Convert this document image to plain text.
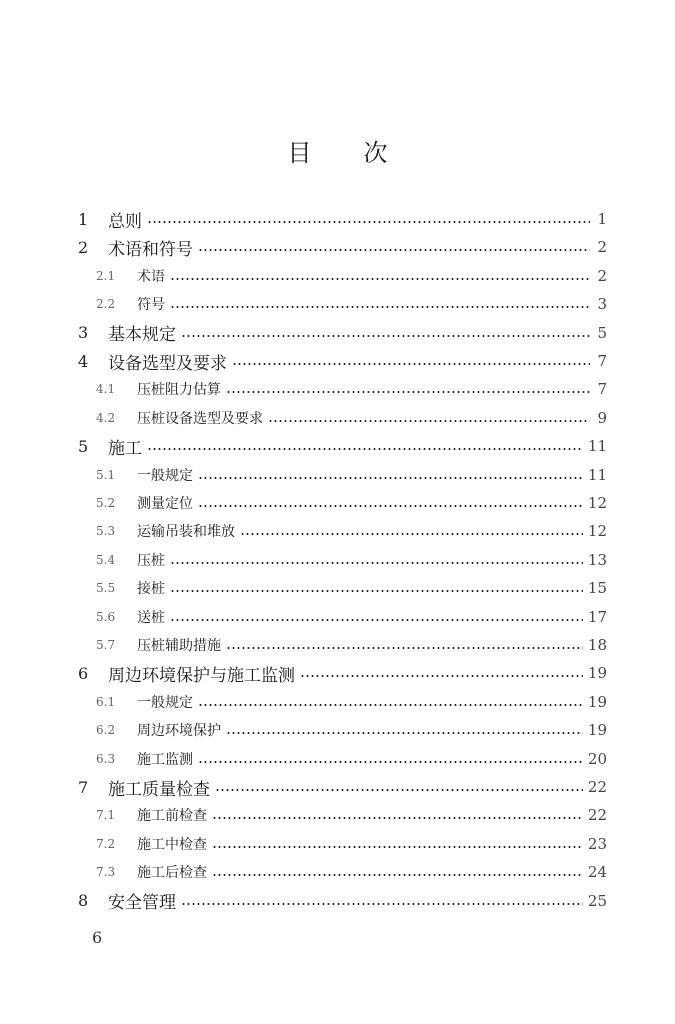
目次
1 总则	1
2 术语和符号	2
2.1 术语	2
2.2 符号	3
3 基本规定	5
4 设备选型及要求	7
4.1 压桩阻力估算	7
4.2 压桩设备选型及要求	9
5 施工	11
5.1 一般规定	11
5.2 测量定位	12
5.3 运输吊装和堆放	12
5.4 压桩	13
5.5 接桩	15
5.6 送桩	17
5.7 压桩辅助措施	18
6 周边环境保护与施工监测	19
6.1 一般规定	19
6.2 周边环境保护	19
6.3 施工监测	20
7 施工质量检查	22
7.1 施工前检查	22
7.2 施工中检查	23
7.3 施工后检查	24
8 安全管理	25
6
